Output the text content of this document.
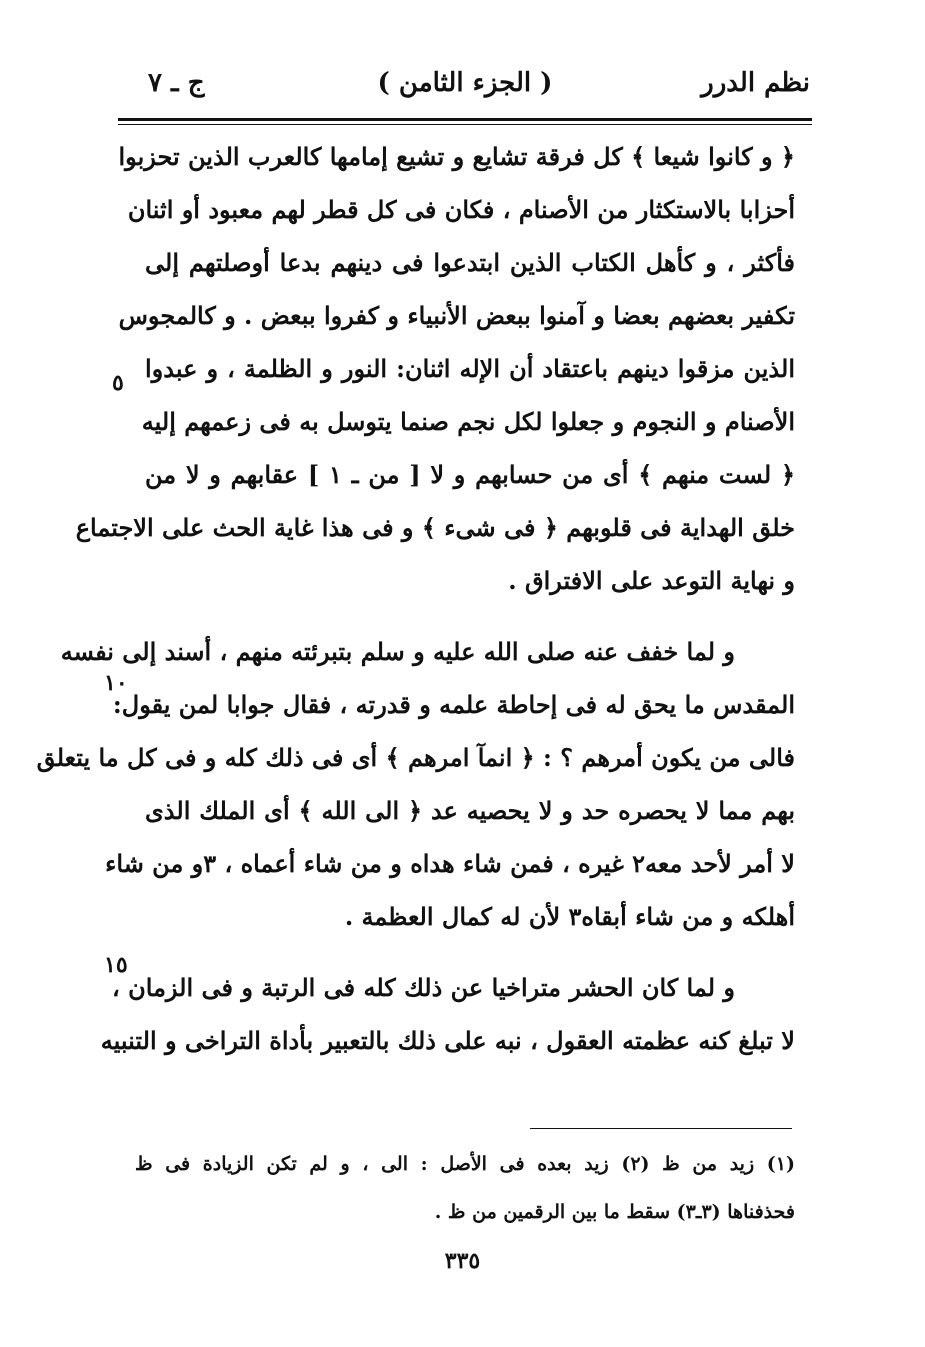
نظم الدرر
( الجزء الثامن )
ج ـ ٧
﴿ و كانوا شيعا ﴾ كل فرقة تشايع و تشيع إمامها كالعرب الذين تحزبوا
أحزابا بالاستكثار من الأصنام ، فكان فى كل قطر لهم معبود أو اثنان
فأكثر ، و كأهل الكتاب الذين ابتدعوا فى دينهم بدعا أوصلتهم إلى
تكفير بعضهم بعضا و آمنوا ببعض الأنبياء و كفروا ببعض . و كالمجوس
الذين مزقوا دينهم باعتقاد أن الإله اثنان: النور و الظلمة ، و عبدوا
الأصنام و النجوم و جعلوا لكل نجم صنما يتوسل به فى زعمهم إليه
﴿ لست منهم ﴾ أى من حسابهم و لا [ من ـ ١ ] عقابهم و لا من
خلق الهداية فى قلوبهم ﴿ فى شىء ﴾ و فى هذا غاية الحث على الاجتماع
و نهاية التوعد على الافتراق .
و لما خفف عنه صلى الله عليه و سلم بتبرئته منهم ، أسند إلى نفسه
المقدس ما يحق له فى إحاطة علمه و قدرته ، فقال جوابا لمن يقول:
فالى من يكون أمرهم ؟ : ﴿ انمآ امرهم ﴾ أى فى ذلك كله و فى كل ما يتعلق
بهم مما لا يحصره حد و لا يحصيه عد ﴿ الى الله ﴾ أى الملك الذى
لا أمر لأحد معه٢ غيره ، فمن شاء هداه و من شاء أعماه ، ٣و من شاء
أهلكه و من شاء أبقاه٣ لأن له كمال العظمة .
و لما كان الحشر متراخيا عن ذلك كله فى الرتبة و فى الزمان ،
لا تبلغ كنه عظمته العقول ، نبه على ذلك بالتعبير بأداة التراخى و التنبيه
٥
١٠
١٥
(١) زيد من ظ (٢) زيد بعده فى الأصل : الى ، و لم تكن الزيادة فى ظ
فحذفناها (٣ـ٣) سقط ما بين الرقمين من ظ .
٣٣٥
